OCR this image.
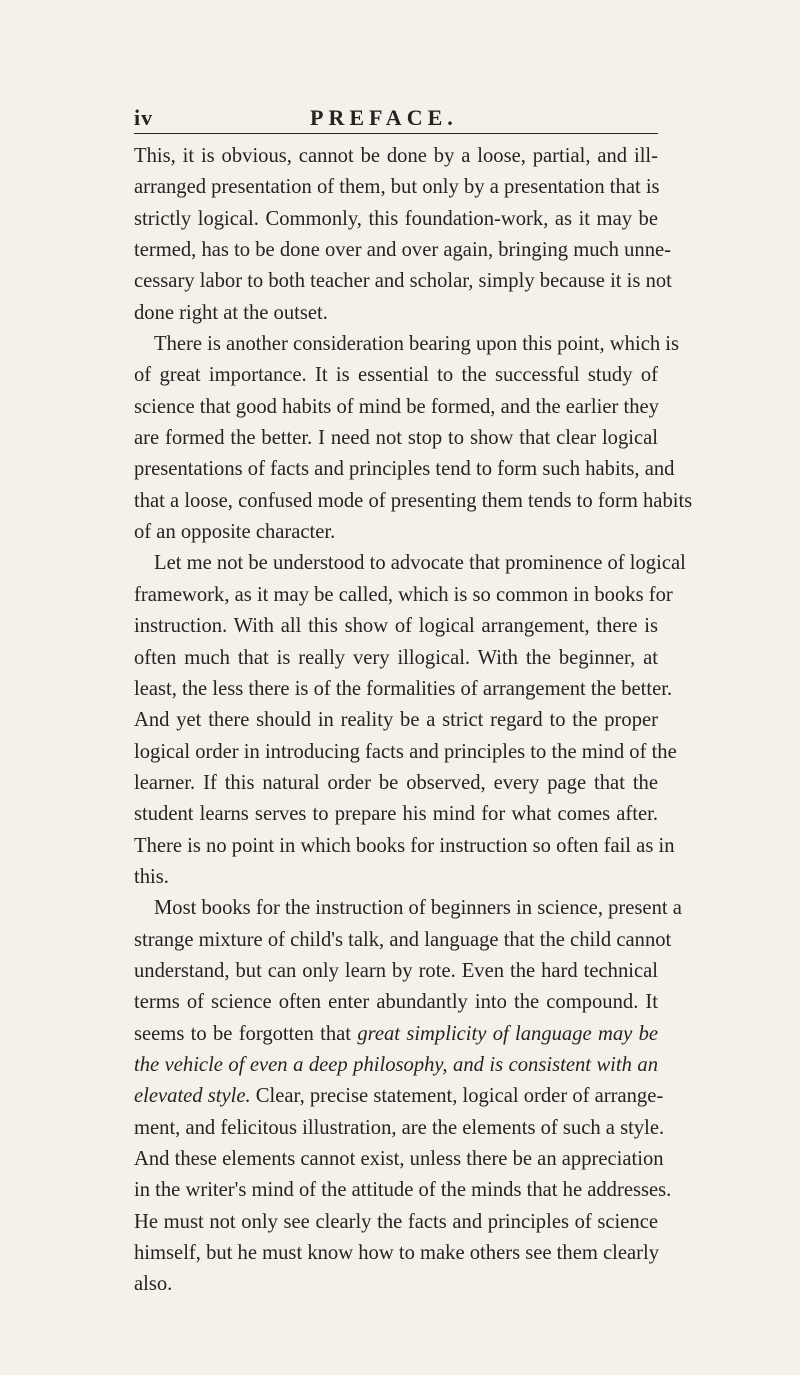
iv	PREFACE.
This, it is obvious, cannot be done by a loose, partial, and ill-
arranged presentation of them, but only by a presentation that is
strictly logical. Commonly, this foundation-work, as it may be
termed, has to be done over and over again, bringing much unne-
cessary labor to both teacher and scholar, simply because it is not
done right at the outset.
There is another consideration bearing upon this point, which is
of great importance. It is essential to the successful study of
science that good habits of mind be formed, and the earlier they
are formed the better. I need not stop to show that clear logical
presentations of facts and principles tend to form such habits, and
that a loose, confused mode of presenting them tends to form habits
of an opposite character.
Let me not be understood to advocate that prominence of logical
framework, as it may be called, which is so common in books for
instruction. With all this show of logical arrangement, there is
often much that is really very illogical. With the beginner, at
least, the less there is of the formalities of arrangement the better.
And yet there should in reality be a strict regard to the proper
logical order in introducing facts and principles to the mind of the
learner. If this natural order be observed, every page that the
student learns serves to prepare his mind for what comes after.
There is no point in which books for instruction so often fail as in
this.
Most books for the instruction of beginners in science, present a
strange mixture of child's talk, and language that the child cannot
understand, but can only learn by rote. Even the hard technical
terms of science often enter abundantly into the compound. It
seems to be forgotten that great simplicity of language may be
the vehicle of even a deep philosophy, and is consistent with an
elevated style. Clear, precise statement, logical order of arrange-
ment, and felicitous illustration, are the elements of such a style.
And these elements cannot exist, unless there be an appreciation
in the writer's mind of the attitude of the minds that he addresses.
He must not only see clearly the facts and principles of science
himself, but he must know how to make others see them clearly
also.
